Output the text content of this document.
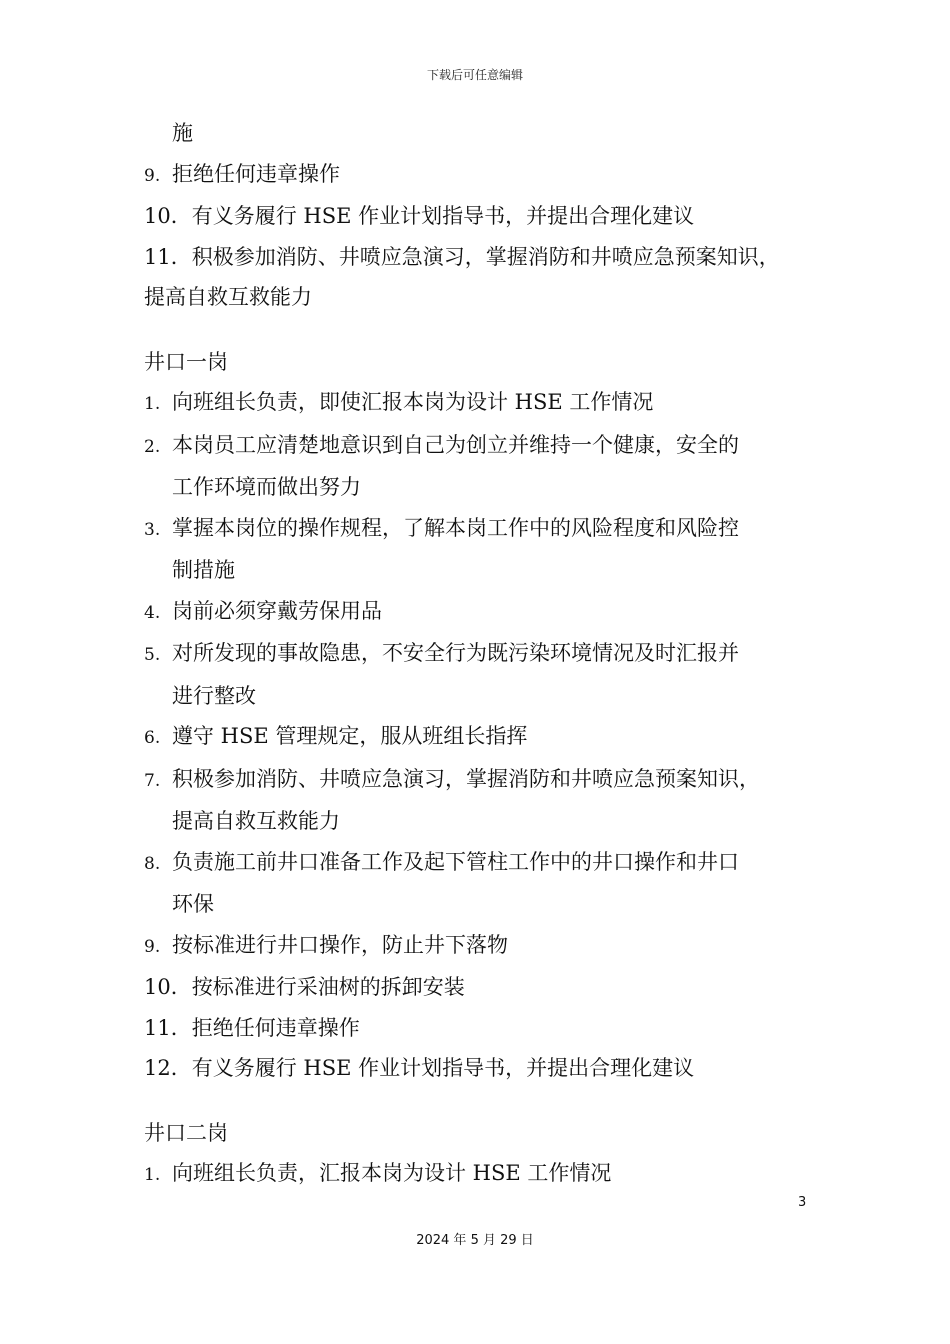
下载后可任意编辑
施
9. 拒绝任何违章操作
10．有义务履行 HSE 作业计划指导书，并提出合理化建议
11．积极参加消防、井喷应急演习，掌握消防和井喷应急预案知识，
提高自救互救能力
井口一岗
1. 向班组长负责，即使汇报本岗为设计 HSE 工作情况
2. 本岗员工应清楚地意识到自己为创立并维持一个健康，安全的
工作环境而做出努力
3. 掌握本岗位的操作规程，了解本岗工作中的风险程度和风险控
制措施
4. 岗前必须穿戴劳保用品
5. 对所发现的事故隐患，不安全行为既污染环境情况及时汇报并
进行整改
6. 遵守 HSE 管理规定，服从班组长指挥
7. 积极参加消防、井喷应急演习，掌握消防和井喷应急预案知识，
提高自救互救能力
8. 负责施工前井口准备工作及起下管柱工作中的井口操作和井口
环保
9. 按标准进行井口操作，防止井下落物
10．按标准进行采油树的拆卸安装
11．拒绝任何违章操作
12．有义务履行 HSE 作业计划指导书，并提出合理化建议
井口二岗
1. 向班组长负责，汇报本岗为设计 HSE 工作情况
3
2024 年 5 月 29 日
